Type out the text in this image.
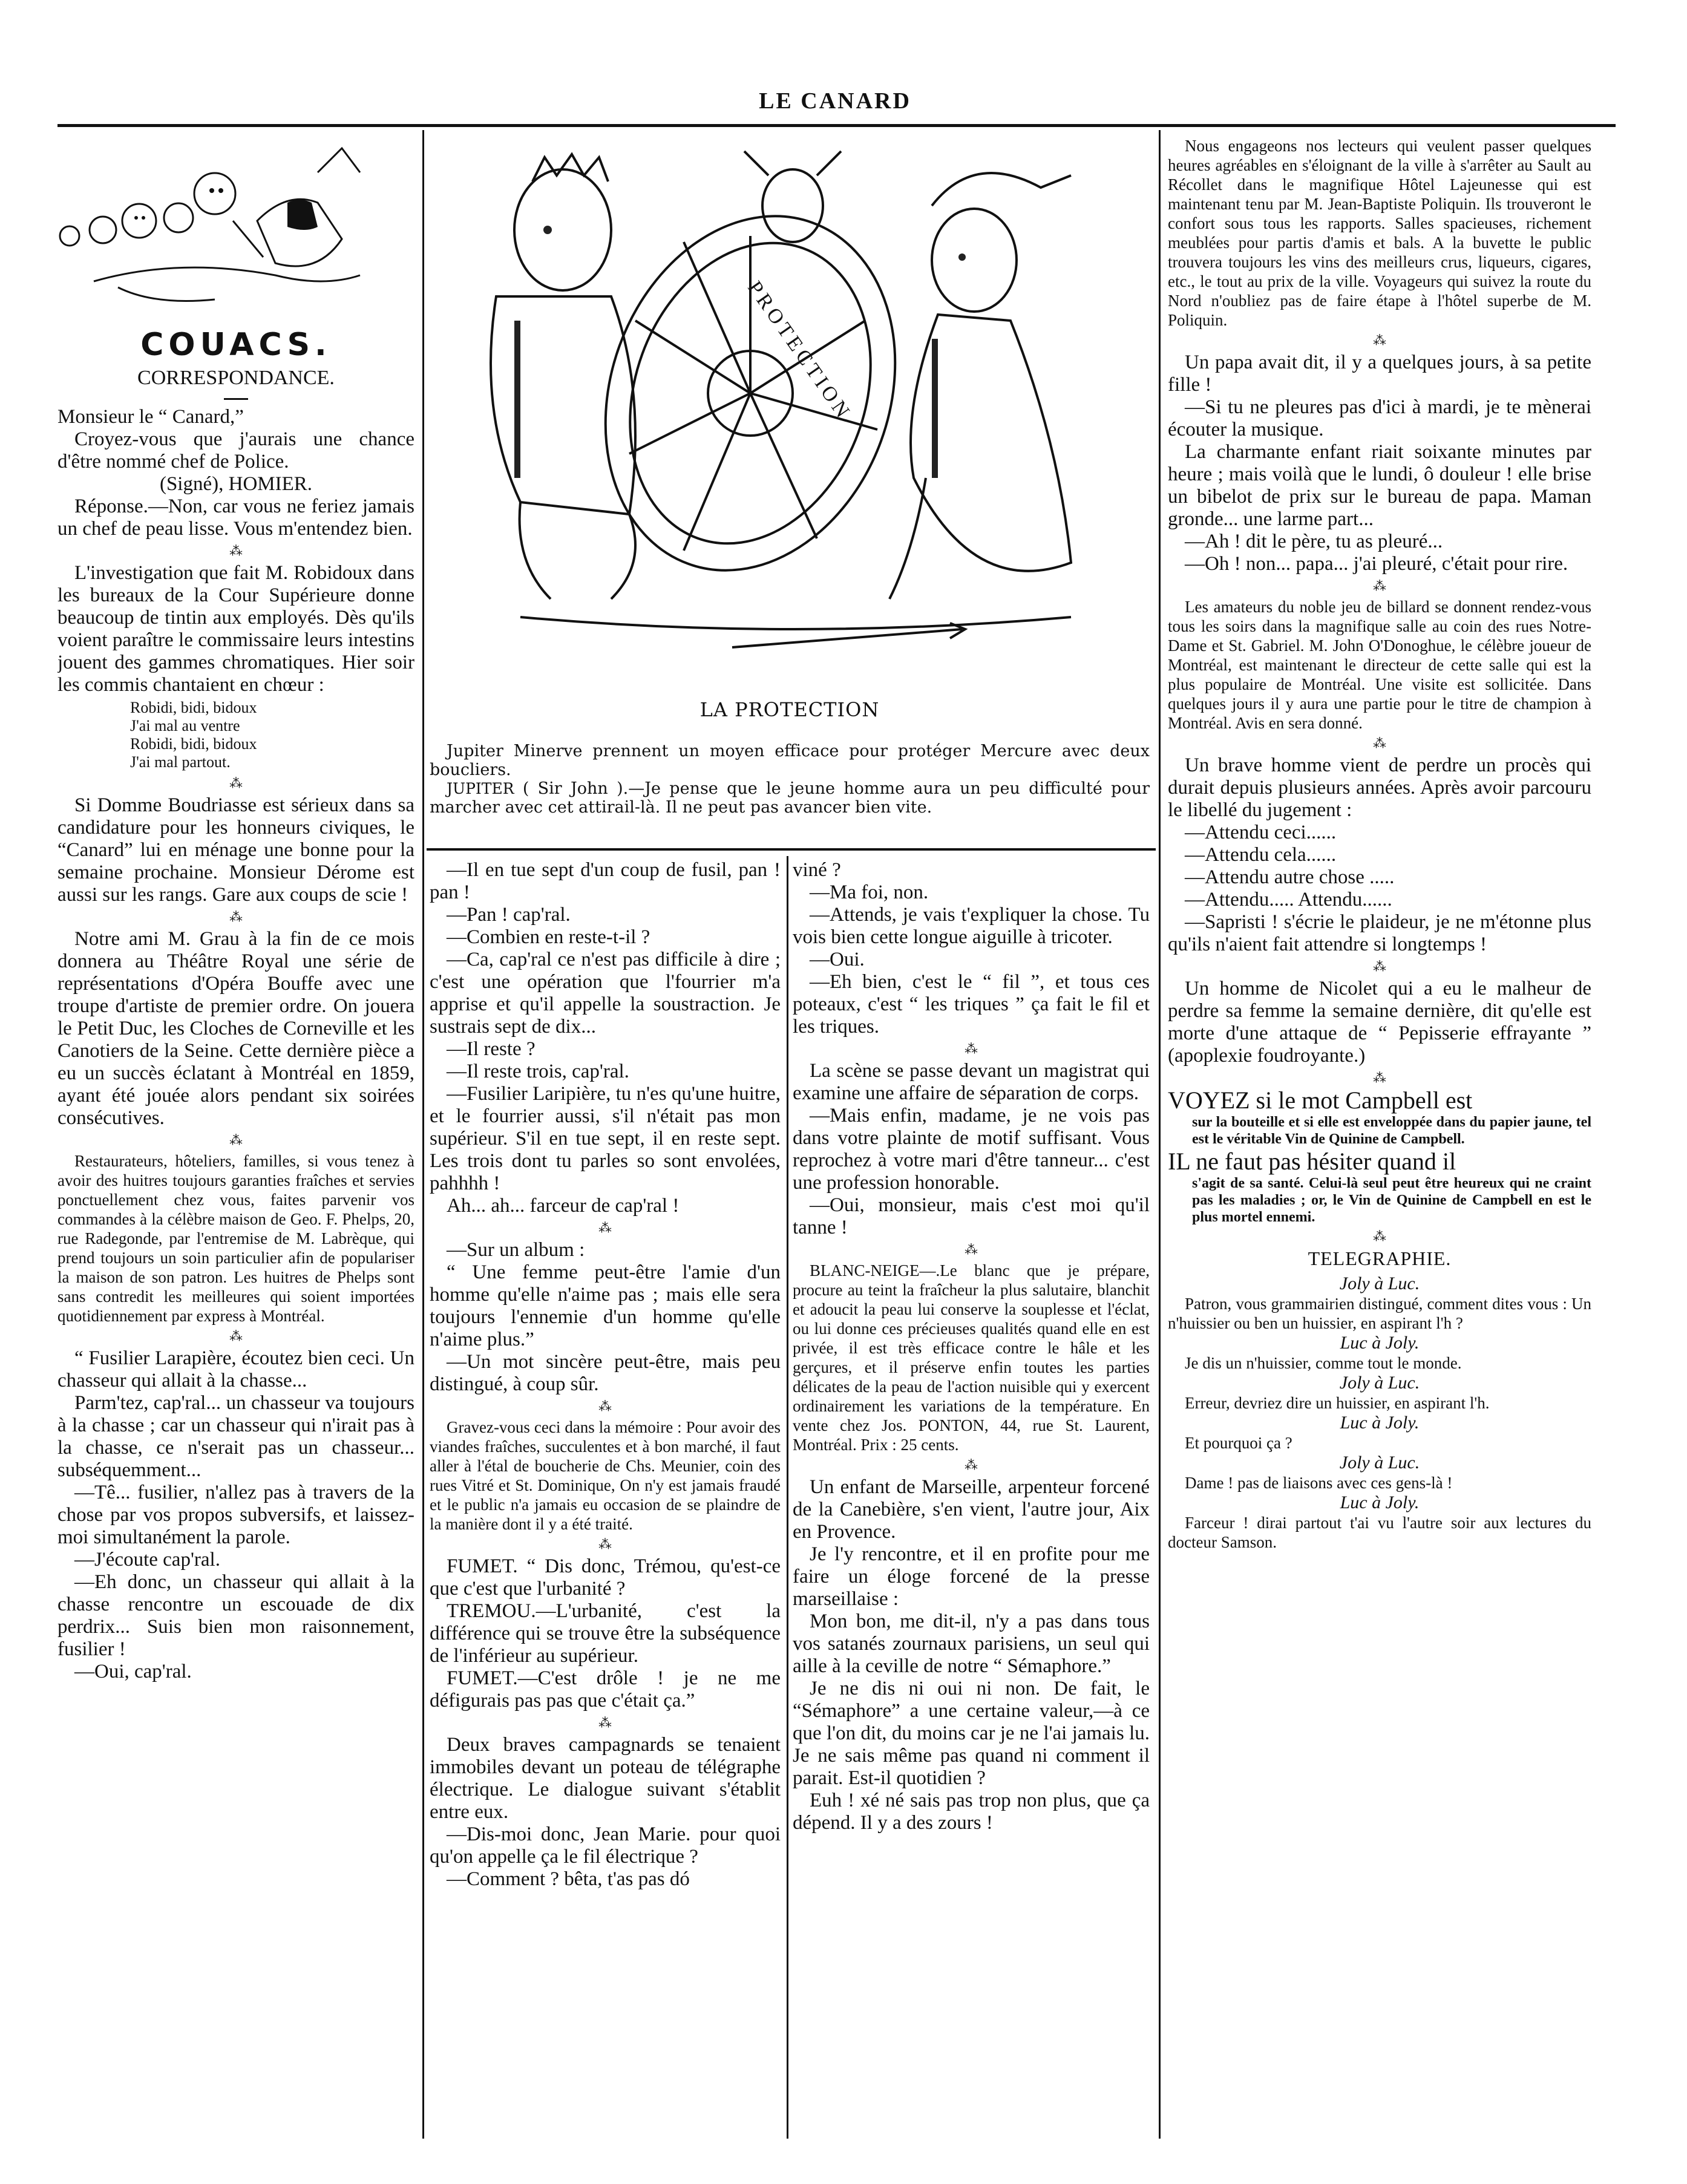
LE CANARD
COUACS.
CORRESPONDANCE.

Monsieur le “ Canard,”

Croyez-vous que j'aurais une chance d'être nommé chef de Police.

(Signé), HOMIER.

Réponse.—Non, car vous ne feriez jamais un chef de peau lisse. Vous m'entendez bien.

⁂

L'investigation que fait M. Robidoux dans les bureaux de la Cour Supérieure donne beaucoup de tintin aux employés. Dès qu'ils voient paraître le commissaire leurs intestins jouent des gammes chromatiques. Hier soir les commis chantaient en chœur :

Robidi, bidi, bidoux
J'ai mal au ventre
Robidi, bidi, bidoux
J'ai mal partout.
⁂

Si Domme Boudriasse est sérieux dans sa candidature pour les honneurs civiques, le “Canard” lui en ménage une bonne pour la semaine prochaine. Monsieur Dérome est aussi sur les rangs. Gare aux coups de scie !

⁂

Notre ami M. Grau à la fin de ce mois donnera au Théâtre Royal une série de représentations d'Opéra Bouffe avec une troupe d'artiste de premier ordre. On jouera le Petit Duc, les Cloches de Corneville et les Canotiers de la Seine. Cette dernière pièce a eu un succès éclatant à Montréal en 1859, ayant été jouée alors pendant six soirées consécutives.

⁂

Restaurateurs, hôteliers, familles, si vous tenez à avoir des huitres toujours garanties fraîches et servies ponctuellement chez vous, faites parvenir vos commandes à la célèbre maison de Geo. F. Phelps, 20, rue Radegonde, par l'entremise de M. Labrèque, qui prend toujours un soin particulier afin de populariser la maison de son patron. Les huitres de Phelps sont sans contredit les meilleures qui soient importées quotidiennement par express à Montréal.

⁂

“ Fusilier Larapière, écoutez bien ceci. Un chasseur qui allait à la chasse...

Parm'tez, cap'ral... un chasseur va toujours à la chasse ; car un chasseur qui n'irait pas à la chasse, ce n'serait pas un chasseur... subséquemment...

—Tê... fusilier, n'allez pas à travers de la chose par vos propos subversifs, et laissez-moi simultanément la parole.

—J'écoute cap'ral.

—Eh donc, un chasseur qui allait à la chasse rencontre un escouade de dix perdrix... Suis bien mon raisonnement, fusilier !

—Oui, cap'ral.

PROTECTION
LA PROTECTION

Jupiter Minerve prennent un moyen efficace pour protéger Mercure avec deux boucliers.

JUPITER ( Sir John ).—Je pense que le jeune homme aura un peu difficulté pour marcher avec cet attirail-là. Il ne peut pas avancer bien vite.

—Il en tue sept d'un coup de fusil, pan ! pan !

—Pan ! cap'ral.

—Combien en reste-t-il ?

—Ca, cap'ral ce n'est pas difficile à dire ; c'est une opération que l'fourrier m'a apprise et qu'il appelle la soustraction. Je sustrais sept de dix...

—Il reste ?

—Il reste trois, cap'ral.

—Fusilier Laripière, tu n'es qu'une huitre, et le fourrier aussi, s'il n'était pas mon supérieur. S'il en tue sept, il en reste sept. Les trois dont tu parles so sont envolées, pahhhh !

Ah... ah... farceur de cap'ral !

⁂

—Sur un album :

“ Une femme peut-être l'amie d'un homme qu'elle n'aime pas ; mais elle sera toujours l'ennemie d'un homme qu'elle n'aime plus.”

—Un mot sincère peut-être, mais peu distingué, à coup sûr.

⁂

Gravez-vous ceci dans la mémoire : Pour avoir des viandes fraîches, succulentes et à bon marché, il faut aller à l'étal de boucherie de Chs. Meunier, coin des rues Vitré et St. Dominique, On n'y est jamais fraudé et le public n'a jamais eu occasion de se plaindre de la manière dont il y a été traité.

⁂

FUMET. “ Dis donc, Trémou, qu'est-ce que c'est que l'urbanité ?

TREMOU.—L'urbanité, c'est la différence qui se trouve être la subséquence de l'inférieur au supérieur.

FUMET.—C'est drôle ! je ne me défigurais pas pas que c'était ça.”

⁂

Deux braves campagnards se tenaient immobiles devant un poteau de télégraphe électrique. Le dialogue suivant s'établit entre eux.

—Dis-moi donc, Jean Marie. pour quoi qu'on appelle ça le fil électrique ?

—Comment ? bêta, t'as pas dó

viné ?

—Ma foi, non.

—Attends, je vais t'expliquer la chose. Tu vois bien cette longue aiguille à tricoter.

—Oui.

—Eh bien, c'est le “ fil ”, et tous ces poteaux, c'est “ les triques ” ça fait le fil et les triques.

⁂

La scène se passe devant un magistrat qui examine une affaire de séparation de corps.

—Mais enfin, madame, je ne vois pas dans votre plainte de motif suffisant. Vous reprochez à votre mari d'être tanneur... c'est une profession honorable.

—Oui, monsieur, mais c'est moi qu'il tanne !

⁂

BLANC-NEIGE—.Le blanc que je prépare, procure au teint la fraîcheur la plus salutaire, blanchit et adoucit la peau lui conserve la souplesse et l'éclat, ou lui donne ces précieuses qualités quand elle en est privée, il est très efficace contre le hâle et les gerçures, et il préserve enfin toutes les parties délicates de la peau de l'action nuisible qui y exercent ordinairement les variations de la température. En vente chez Jos. PONTON, 44, rue St. Laurent, Montréal. Prix : 25 cents.

⁂

Un enfant de Marseille, arpenteur forcené de la Canebière, s'en vient, l'autre jour, Aix en Provence.

Je l'y rencontre, et il en profite pour me faire un éloge forcené de la presse marseillaise :

Mon bon, me dit-il, n'y a pas dans tous vos satanés zournaux parisiens, un seul qui aille à la ceville de notre “ Sémaphore.”

Je ne dis ni oui ni non. De fait, le “Sémaphore” a une certaine valeur,—à ce que l'on dit, du moins car je ne l'ai jamais lu. Je ne sais même pas quand ni comment il parait. Est-il quotidien ?

Euh ! xé né sais pas trop non plus, que ça dépend. Il y a des zours !

Nous engageons nos lecteurs qui veulent passer quelques heures agréables en s'éloignant de la ville à s'arrêter au Sault au Récollet dans le magnifique Hôtel Lajeunesse qui est maintenant tenu par M. Jean-Baptiste Poliquin. Ils trouveront le confort sous tous les rapports. Salles spacieuses, richement meublées pour partis d'amis et bals. A la buvette le public trouvera toujours les vins des meilleurs crus, liqueurs, cigares, etc., le tout au prix de la ville. Voyageurs qui suivez la route du Nord n'oubliez pas de faire étape à l'hôtel superbe de M. Poliquin.

⁂

Un papa avait dit, il y a quelques jours, à sa petite fille !

—Si tu ne pleures pas d'ici à mardi, je te mènerai écouter la musique.

La charmante enfant riait soixante minutes par heure ; mais voilà que le lundi, ô douleur ! elle brise un bibelot de prix sur le bureau de papa. Maman gronde... une larme part...

—Ah ! dit le père, tu as pleuré...

—Oh ! non... papa... j'ai pleuré, c'était pour rire.

⁂

Les amateurs du noble jeu de billard se donnent rendez-vous tous les soirs dans la magnifique salle au coin des rues Notre-Dame et St. Gabriel. M. John O'Donoghue, le célèbre joueur de Montréal, est maintenant le directeur de cette salle qui est la plus populaire de Montréal. Une visite est sollicitée. Dans quelques jours il y aura une partie pour le titre de champion à Montréal. Avis en sera donné.

⁂

Un brave homme vient de perdre un procès qui durait depuis plusieurs années. Après avoir parcouru le libellé du jugement :

—Attendu ceci......

—Attendu cela......

—Attendu autre chose .....

—Attendu..... Attendu......

—Sapristi ! s'écrie le plaideur, je ne m'étonne plus qu'ils n'aient fait attendre si longtemps !

⁂

Un homme de Nicolet qui a eu le malheur de perdre sa femme la semaine dernière, dit qu'elle est morte d'une attaque de “ Pepisserie effrayante ” (apoplexie foudroyante.)

⁂

VOYEZ si le mot Campbell est

sur la bouteille et si elle est enveloppée dans du papier jaune, tel est le véritable Vin de Quinine de Campbell.

IL ne faut pas hésiter quand il

s'agit de sa santé. Celui-là seul peut être heureux qui ne craint pas les maladies ; or, le Vin de Quinine de Campbell en est le plus mortel ennemi.

⁂
TELEGRAPHIE.
Joly à Luc.

Patron, vous grammairien distingué, comment dites vous : Un n'huissier ou ben un huissier, en aspirant l'h ?

Luc à Joly.

Je dis un n'huissier, comme tout le monde.

Joly à Luc.

Erreur, devriez dire un huissier, en aspirant l'h.

Luc à Joly.

Et pourquoi ça ?

Joly à Luc.

Dame ! pas de liaisons avec ces gens-là !

Luc à Joly.

Farceur ! dirai partout t'ai vu l'autre soir aux lectures du docteur Samson.
